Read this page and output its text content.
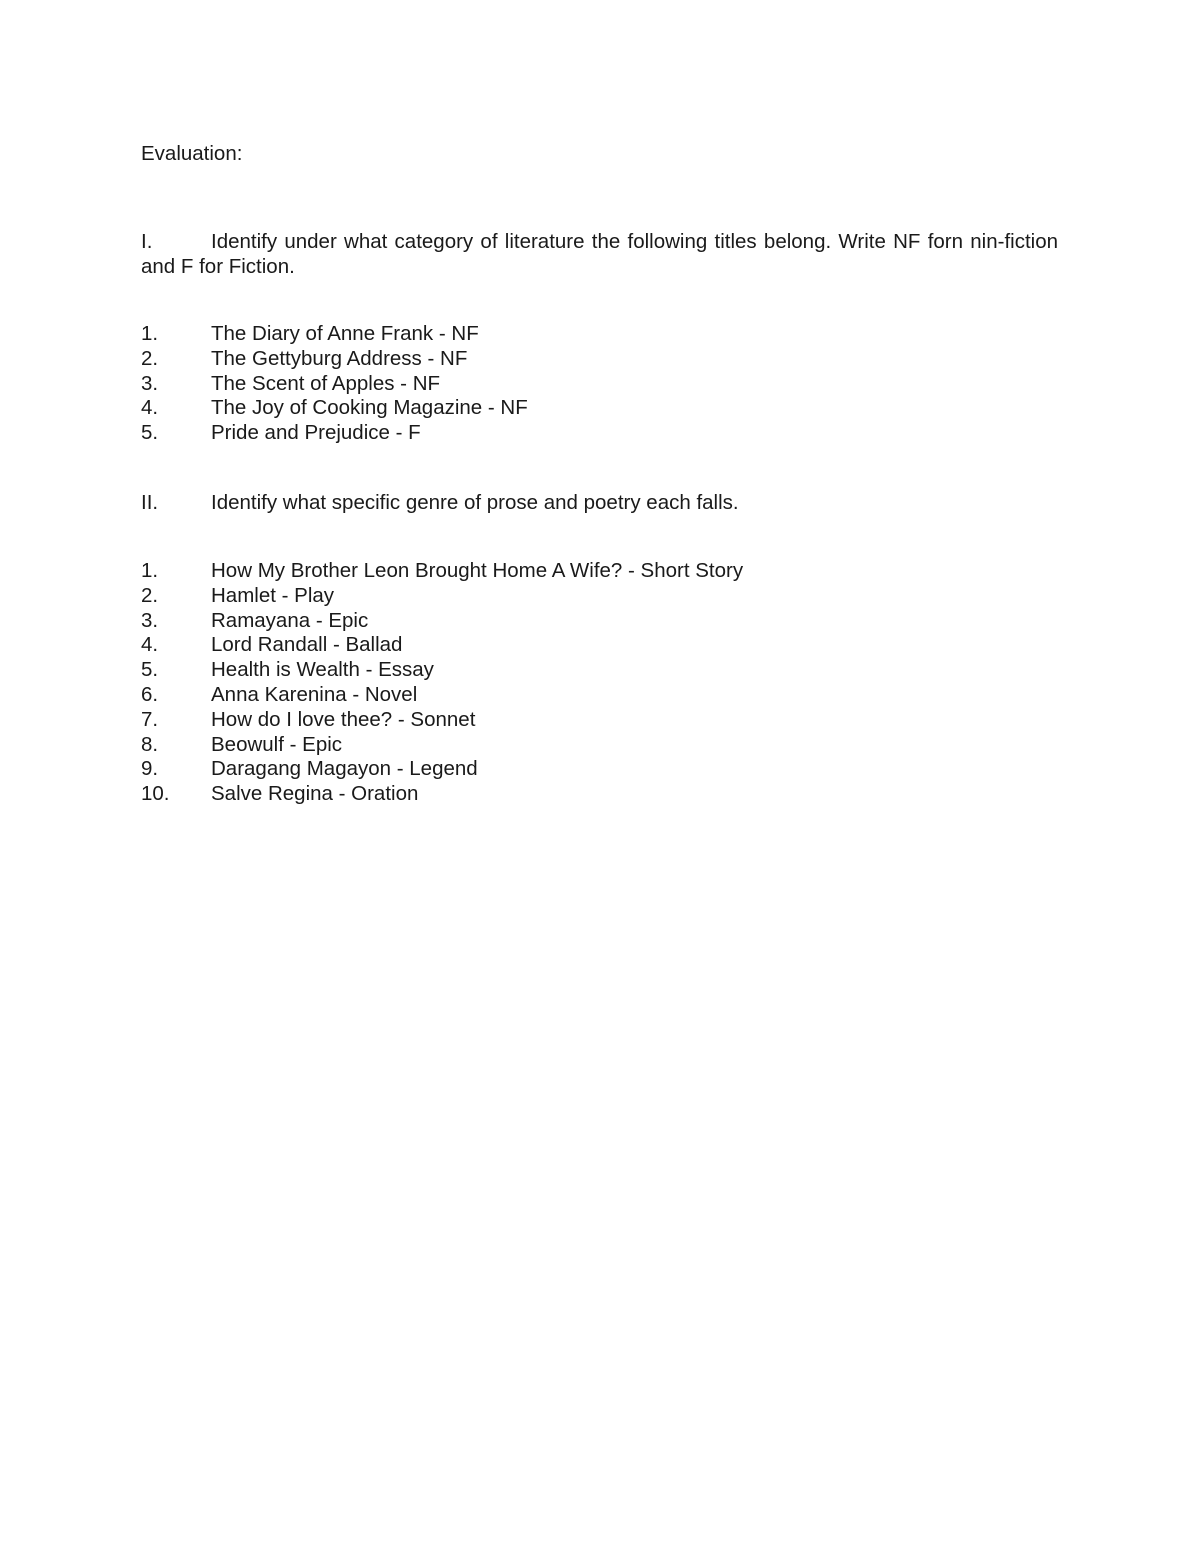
Evaluation:

I.	Identify under what category of literature the following titles belong. Write NF forn nin-fiction and F for Fiction.
1.	The Diary of Anne Frank - NF
2.	The Gettyburg Address - NF
3.	The Scent of Apples - NF
4.	The Joy of Cooking Magazine - NF
5.	Pride and Prejudice - F
II.	Identify what specific genre of prose and poetry each falls.
1.	How My Brother Leon Brought Home A Wife? - Short Story
2.	Hamlet - Play
3.	Ramayana - Epic
4.	Lord Randall - Ballad
5.	Health is Wealth - Essay
6.	Anna Karenina - Novel
7.	How do I love thee? - Sonnet
8.	Beowulf - Epic
9.	Daragang Magayon - Legend
10. Salve Regina - Oration
